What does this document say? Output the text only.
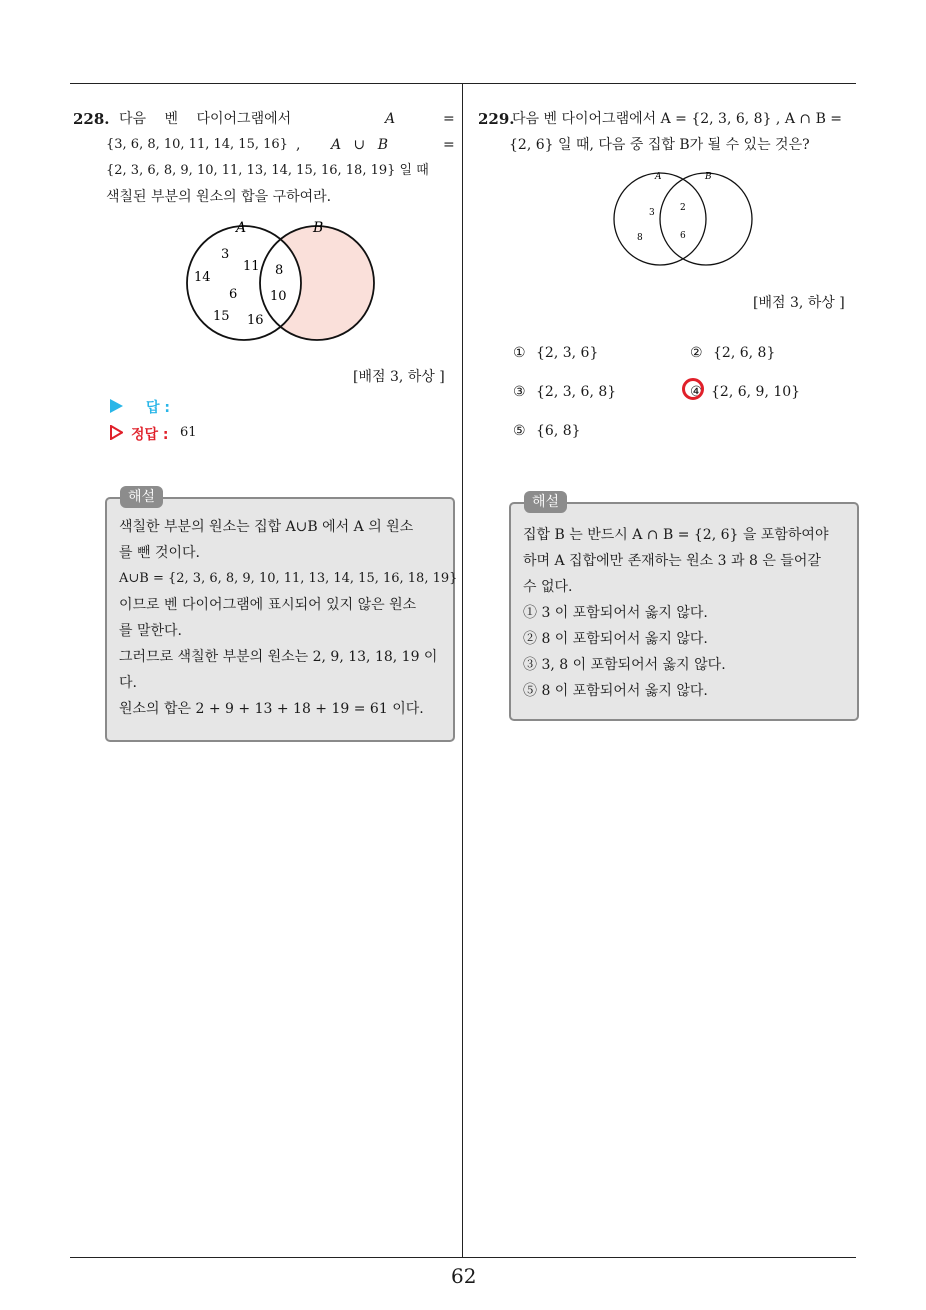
62
228. 다음 벤 다이어그램에서	A	=
{3, 6, 8, 10, 11, 14, 15, 16} , A ∪ B	=
{2, 3, 6, 8, 9, 10, 11, 13, 14, 15, 16, 18, 19} 일 때
색칠된 부분의 원소의 합을 구하여라.
A	B
3
11 8
14
6	10
15 16
[배점 3, 하상 ]
답 :
정답 : 61
색칠한 부분의 원소는 집합 A∪B 에서 A 의 원소
를 뺀 것이다.
A∪B = {2, 3, 6, 8, 9, 10, 11, 13, 14, 15, 16, 18, 19}
이므로 벤 다이어그램에 표시되어 있지 않은 원소
를 말한다.
그러므로 색칠한 부분의 원소는 2, 9, 13, 18, 19 이
다.
원소의 합은 2 + 9 + 13 + 18 + 19 = 61 이다.
해설
229.
다음 벤 다이어그램에서 A = {2, 3, 6, 8} , A ∩ B =
{2, 6} 일 때, 다음 중 집합 B가 될 수 있는 것은?
A	B
3	2
8	6
[배점 3, 하상 ]
① {2, 3, 6}	② {2, 6, 8}
③ {2, 3, 6, 8}	④ {2, 6, 9, 10}
⑤ {6, 8}
집합 B 는 반드시 A ∩ B = {2, 6} 을 포함하여야
하며 A 집합에만 존재하는 원소 3 과 8 은 들어갈
수 없다.
① 3 이 포함되어서 옳지 않다.
② 8 이 포함되어서 옳지 않다.
③ 3, 8 이 포함되어서 옳지 않다.
⑤ 8 이 포함되어서 옳지 않다.
해설
